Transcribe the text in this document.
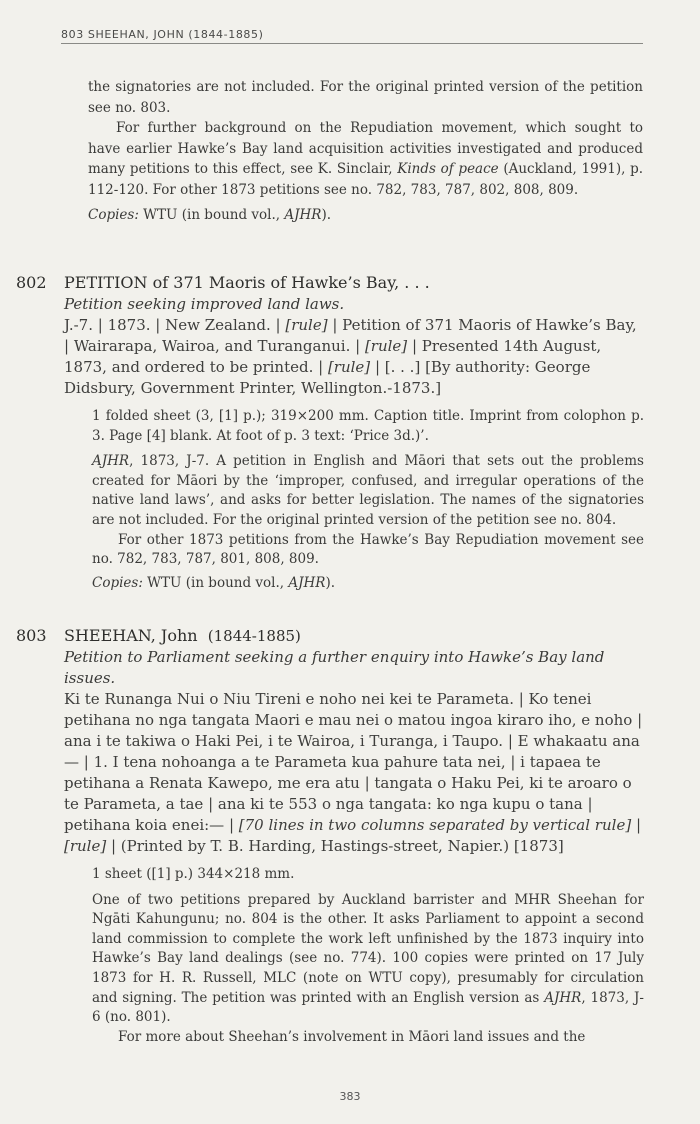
803 SHEEHAN, JOHN (1844-1885)

the signatories are not included. For the original printed version of the petition see no. 803.

For further background on the Repudiation movement, which sought to have earlier Hawke’s Bay land acquisition activities investigated and produced many petitions to this effect, see K. Sinclair, Kinds of peace (Auckland, 1991), p. 112-120. For other 1873 petitions see no. 782, 783, 787, 802, 808, 809.

Copies: WTU (in bound vol., AJHR).

802 PETITION of 371 Maoris of Hawke’s Bay, . . .
Petition seeking improved land laws.
J.-7. | 1873. | New Zealand. | [rule] | Petition of 371 Maoris of Hawke’s Bay, | Wairarapa, Wairoa, and Turanganui. | [rule] | Presented 14th August, 1873, and ordered to be printed. | [rule] | [. . .] [By authority: George Didsbury, Government Printer, Wellington.-1873.]

1 folded sheet (3, [1] p.); 319×200 mm. Caption title. Imprint from colophon p. 3. Page [4] blank. At foot of p. 3 text: ‘Price 3d.)’.

AJHR, 1873, J-7. A petition in English and Māori that sets out the problems created for Māori by the ‘improper, confused, and irregular operations of the native land laws’, and asks for better legislation. The names of the signatories are not included. For the original printed version of the petition see no. 804.

For other 1873 petitions from the Hawke’s Bay Repudiation movement see no. 782, 783, 787, 801, 808, 809.

Copies: WTU (in bound vol., AJHR).

803 SHEEHAN, John (1844-1885)
Petition to Parliament seeking a further enquiry into Hawke’s Bay land issues.
Ki te Runanga Nui o Niu Tireni e noho nei kei te Parameta. | Ko tenei petihana no nga tangata Maori e mau nei o matou ingoa kiraro iho, e noho | ana i te takiwa o Haki Pei, i te Wairoa, i Turanga, i Taupo. | E whakaatu ana— | 1. I tena nohoanga a te Parameta kua pahure tata nei, | i tapaea te petihana a Renata Kawepo, me era atu | tangata o Haku Pei, ki te aroaro o te Parameta, a tae | ana ki te 553 o nga tangata: ko nga kupu o tana | petihana koia enei:— | [70 lines in two columns separated by vertical rule] | [rule] | (Printed by T. B. Harding, Hastings-street, Napier.) [1873]

1 sheet ([1] p.) 344×218 mm.

One of two petitions prepared by Auckland barrister and MHR Sheehan for Ngāti Kahungunu; no. 804 is the other. It asks Parliament to appoint a second land commission to complete the work left unfinished by the 1873 inquiry into Hawke’s Bay land dealings (see no. 774). 100 copies were printed on 17 July 1873 for H. R. Russell, MLC (note on WTU copy), presumably for circulation and signing. The petition was printed with an English version as AJHR, 1873, J-6 (no. 801).

For more about Sheehan’s involvement in Māori land issues and the

383
